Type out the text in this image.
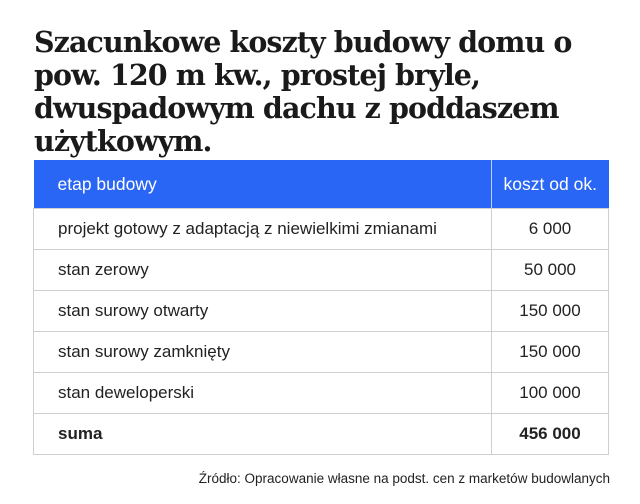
Szacunkowe koszty budowy domu o pow. 120 m kw., prostej bryle, dwuspadowym dachu z poddaszem użytkowym.
etap budowy	koszt od ok.
projekt gotowy z adaptacją z niewielkimi zmianami	6 000
stan zerowy	50 000
stan surowy otwarty	150 000
stan surowy zamknięty	150 000
stan deweloperski	100 000
suma	456 000
Źródło: Opracowanie własne na podst. cen z marketów budowlanych
